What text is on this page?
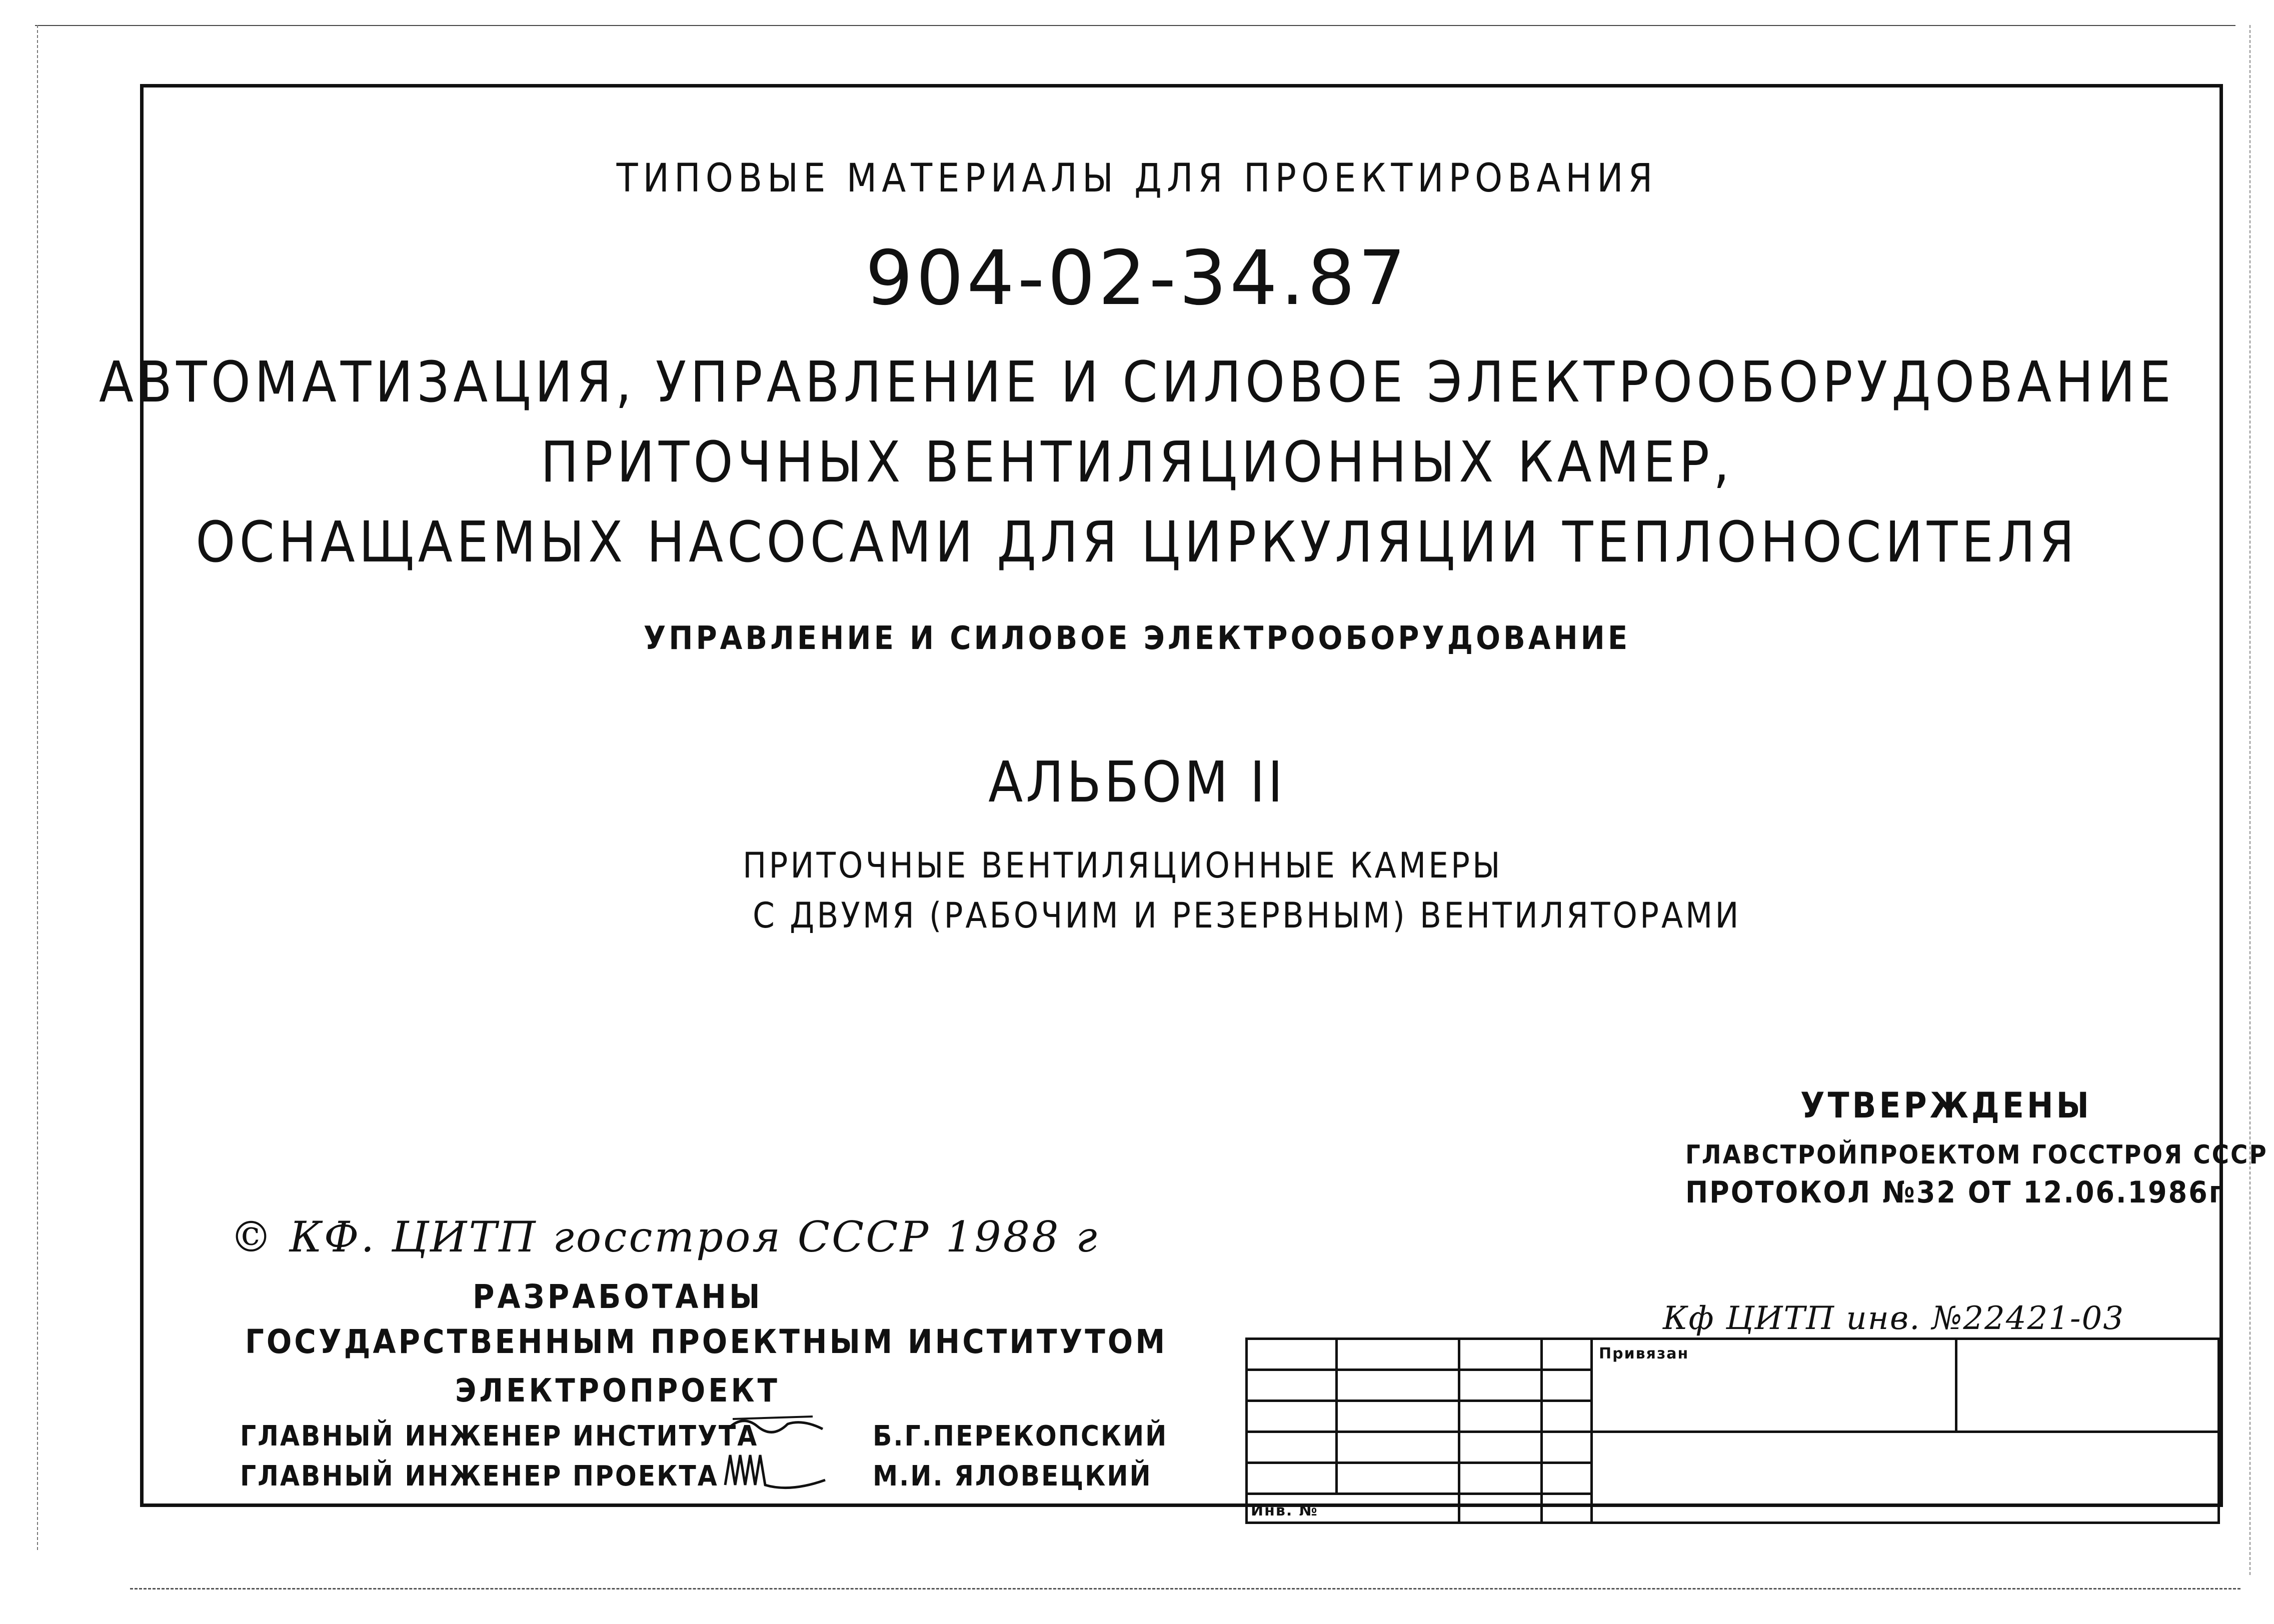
ТИПОВЫЕ МАТЕРИАЛЫ ДЛЯ ПРОЕКТИРОВАНИЯ
904-02-34.87
АВТОМАТИЗАЦИЯ, УПРАВЛЕНИЕ И СИЛОВОЕ ЭЛЕКТРООБОРУДОВАНИЕ
ПРИТОЧНЫХ ВЕНТИЛЯЦИОННЫХ КАМЕР,
ОСНАЩАЕМЫХ НАСОСАМИ ДЛЯ ЦИРКУЛЯЦИИ ТЕПЛОНОСИТЕЛЯ
УПРАВЛЕНИЕ И СИЛОВОЕ ЭЛЕКТРООБОРУДОВАНИЕ
АЛЬБОМ II
ПРИТОЧНЫЕ ВЕНТИЛЯЦИОННЫЕ КАМЕРЫ
С ДВУМЯ (РАБОЧИМ И РЕЗЕРВНЫМ) ВЕНТИЛЯТОРАМИ
УТВЕРЖДЕНЫ
ГЛАВСТРОЙПРОЕКТОМ ГОССТРОЯ СССР
ПРОТОКОЛ №32 ОТ 12.06.1986г
© КФ. ЦИТП госстроя СССР 1988 г
РАЗРАБОТАНЫ
ГОСУДАРСТВЕННЫМ ПРОЕКТНЫМ ИНСТИТУТОМ
ЭЛЕКТРОПРОЕКТ
ГЛАВНЫЙ ИНЖЕНЕР ИНСТИТУТА	Б.Г.ПЕРЕКОПСКИЙ
ГЛАВНЫЙ ИНЖЕНЕР ПРОЕКТА	М.И. ЯЛОВЕЦКИЙ
Кф ЦИТП инв. №22421-03
				Привязан	

Инв. №					
